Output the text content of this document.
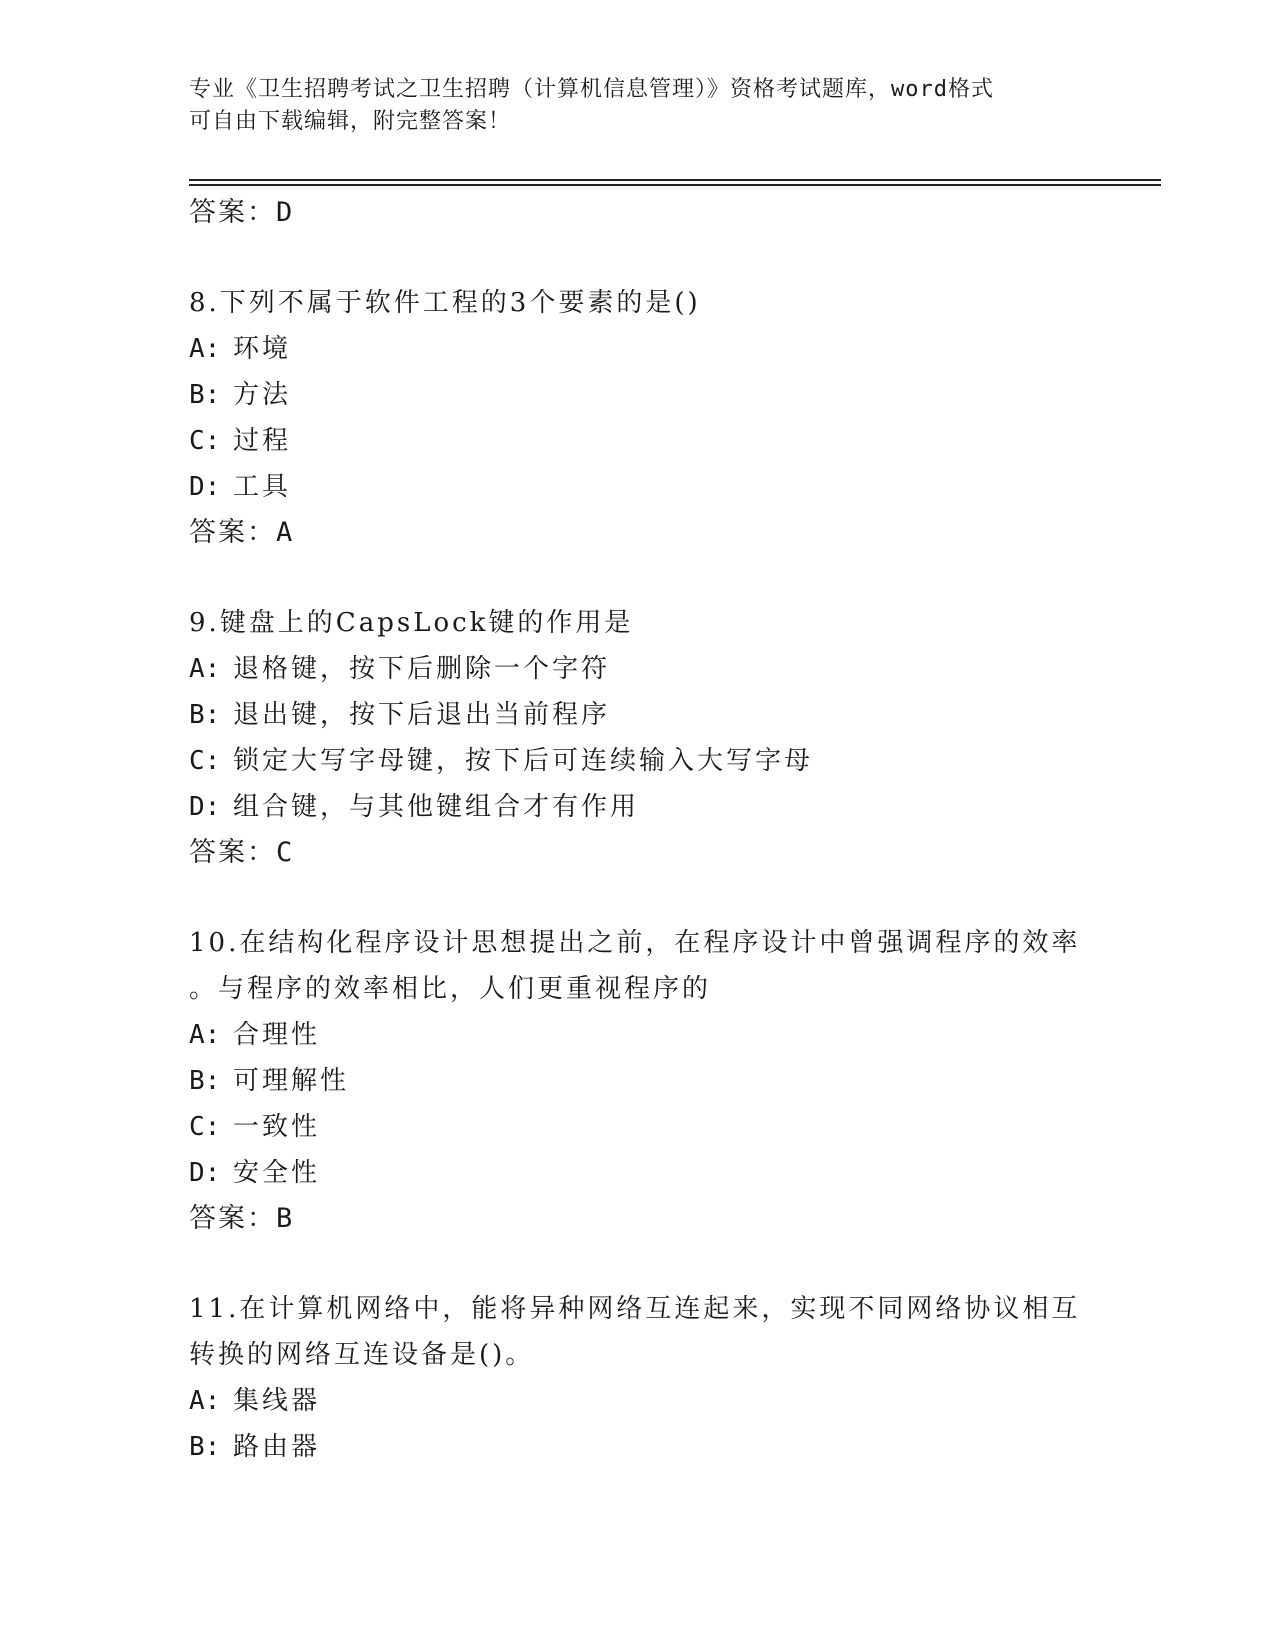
专业《卫生招聘考试之卫生招聘（计算机信息管理）》资格考试题库，word格式
可自由下载编辑，附完整答案！
答案：D
8.下列不属于软件工程的3个要素的是()
A: 环境
B: 方法
C: 过程
D: 工具
答案：A
9.键盘上的CapsLock键的作用是
A: 退格键，按下后删除一个字符
B: 退出键，按下后退出当前程序
C: 锁定大写字母键，按下后可连续输入大写字母
D: 组合键，与其他键组合才有作用
答案：C
10.在结构化程序设计思想提出之前，在程序设计中曾强调程序的效率
。与程序的效率相比，人们更重视程序的
A: 合理性
B: 可理解性
C: 一致性
D: 安全性
答案：B
11.在计算机网络中，能将异种网络互连起来，实现不同网络协议相互
转换的网络互连设备是()。
A: 集线器
B: 路由器
